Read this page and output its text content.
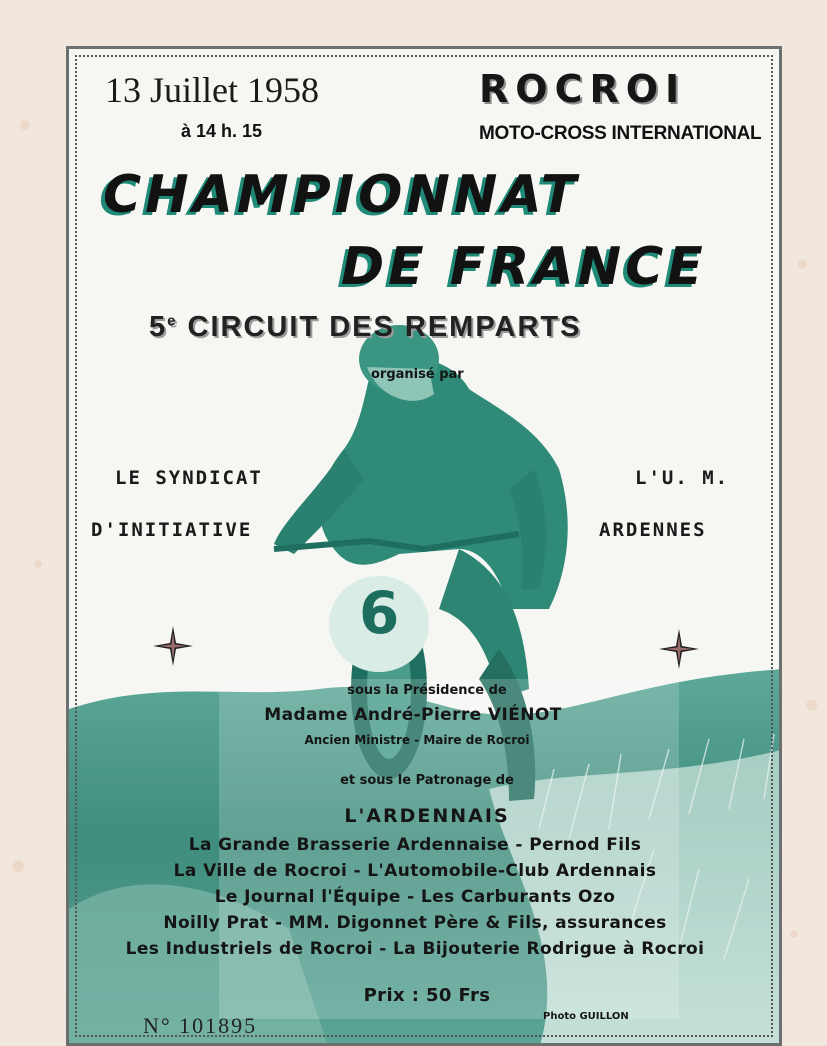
13 Juillet 1958
à 14 h. 15
ROCROI
MOTO-CROSS INTERNATIONAL
CHAMPIONNAT
DE FRANCE
5e CIRCUIT DES REMPARTS
organisé par
LE SYNDICAT
D'INITIATIVE
L'U. M.
ARDENNES
6
sous la Présidence de
Madame André-Pierre VIÉNOT
Ancien Ministre - Maire de Rocroi
et sous le Patronage de
L'ARDENNAIS
La Grande Brasserie Ardennaise - Pernod Fils
La Ville de Rocroi - L'Automobile-Club Ardennais
Le Journal l'Équipe - Les Carburants Ozo
Noilly Prat - MM. Digonnet Père & Fils, assurances
Les Industriels de Rocroi - La Bijouterie Rodrigue à Rocroi
Prix : 50 Frs
N° 101895	Photo GUILLON
